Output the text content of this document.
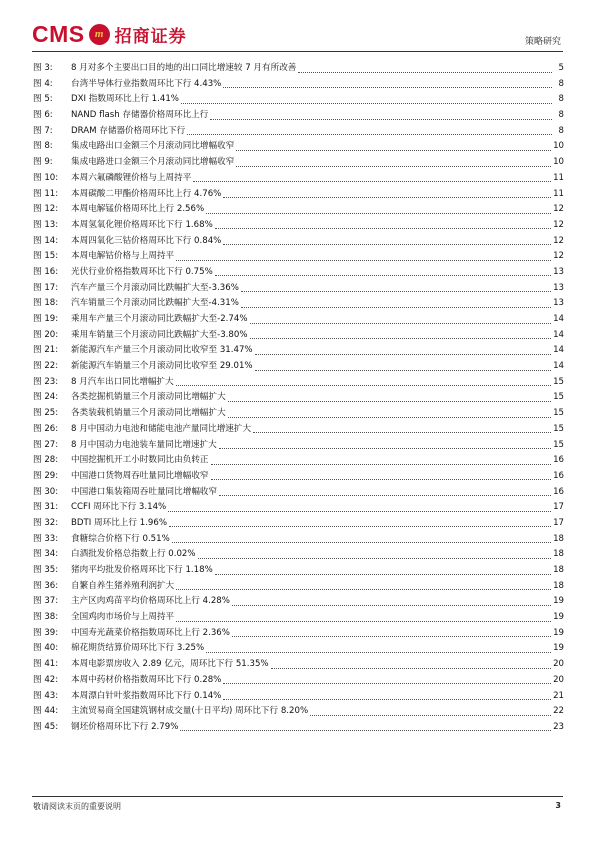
CMS m 招商证券	策略研究
图 3:	8 月对多个主要出口目的地的出口同比增速较 7 月有所改善	5
图 4:	台湾半导体行业指数周环比下行 4.43%	8
图 5:	DXI 指数周环比上行 1.41%	8
图 6:	NAND flash 存储器价格周环比上行	8
图 7:	DRAM 存储器价格周环比下行	8
图 8:	集成电路出口金额三个月滚动同比增幅收窄	10
图 9:	集成电路进口金额三个月滚动同比增幅收窄	10
图 10:	本周六氟磷酸锂价格与上周持平	11
图 11:	本周碳酸二甲酯价格周环比上行 4.76%	11
图 12:	本周电解锰价格周环比上行 2.56%	12
图 13:	本周氢氧化锂价格周环比下行 1.68%	12
图 14:	本周四氧化三钴价格周环比下行 0.84%	12
图 15:	本周电解钴价格与上周持平	12
图 16:	光伏行业价格指数周环比下行 0.75%	13
图 17:	汽车产量三个月滚动同比跌幅扩大至-3.36%	13
图 18:	汽车销量三个月滚动同比跌幅扩大至-4.31%	13
图 19:	乘用车产量三个月滚动同比跌幅扩大至-2.74%	14
图 20:	乘用车销量三个月滚动同比跌幅扩大至-3.80%	14
图 21:	新能源汽车产量三个月滚动同比收窄至 31.47%	14
图 22:	新能源汽车销量三个月滚动同比收窄至 29.01%	14
图 23:	8 月汽车出口同比增幅扩大	15
图 24:	各类挖掘机销量三个月滚动同比增幅扩大	15
图 25:	各类装载机销量三个月滚动同比增幅扩大	15
图 26:	8 月中国动力电池和储能电池产量同比增速扩大	15
图 27:	8 月中国动力电池装车量同比增速扩大	15
图 28:	中国挖掘机开工小时数同比由负转正	16
图 29:	中国港口货物周吞吐量同比增幅收窄	16
图 30:	中国港口集装箱周吞吐量同比增幅收窄	16
图 31:	CCFI 周环比下行 3.14%	17
图 32:	BDTI 周环比上行 1.96%	17
图 33:	食糖综合价格下行 0.51%	18
图 34:	白酒批发价格总指数上行 0.02%	18
图 35:	猪肉平均批发价格周环比下行 1.18%	18
图 36:	自繁自养生猪养殖利润扩大	18
图 37:	主产区肉鸡苗平均价格周环比上行 4.28%	19
图 38:	全国鸡肉市场价与上周持平	19
图 39:	中国寿光蔬菜价格指数周环比上行 2.36%	19
图 40:	棉花期货结算价周环比下行 3.25%	19
图 41:	本周电影票房收入 2.89 亿元，周环比下行 51.35%	20
图 42:	本周中药材价格指数周环比下行 0.28%	20
图 43:	本周漂白针叶浆指数周环比下行 0.14%	21
图 44:	主流贸易商全国建筑钢材成交量(十日平均) 周环比下行 8.20%	22
图 45:	钢坯价格周环比下行 2.79%	23
敬请阅读末页的重要说明	3
